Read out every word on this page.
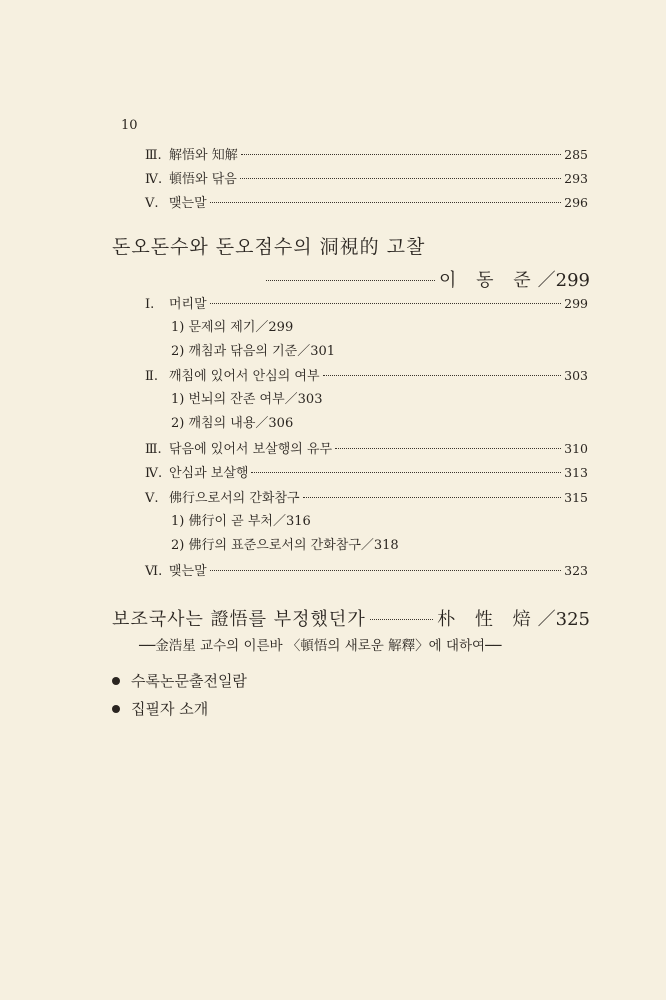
10
Ⅲ. 解悟와 知解	285
Ⅳ. 頓悟와 닦음	293
Ⅴ. 맺는말	296
돈오돈수와 돈오점수의 洞視的 고찰
이 동 준 ／ 299
Ⅰ.	머리말	299
1) 문제의 제기／299
2) 깨침과 닦음의 기준／301
Ⅱ. 깨침에 있어서 안심의 여부	303
1) 번뇌의 잔존 여부／303
2) 깨침의 내용／306
Ⅲ. 닦음에 있어서 보살행의 유무	310
Ⅳ. 안심과 보살행	313
Ⅴ. 佛行으로서의 간화참구	315
1) 佛行이 곧 부처／316
2) 佛行의 표준으로서의 간화참구／318
Ⅵ. 맺는말	323
보조국사는 證悟를 부정했던가	朴 性 焙 ／ 325
──金浩星 교수의 이른바 〈頓悟의 새로운 解釋〉에 대하여──
수록논문출전일람
집필자 소개
